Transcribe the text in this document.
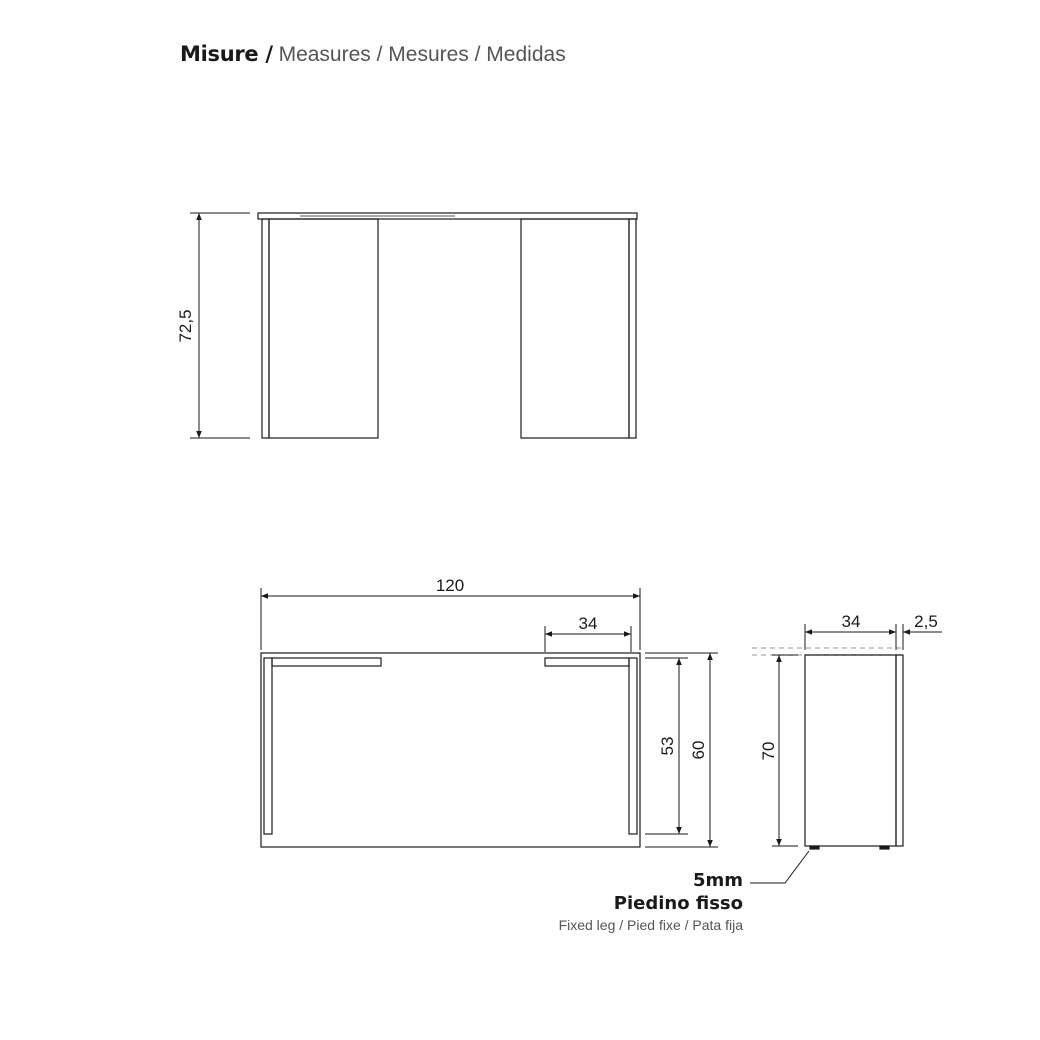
Misure / Measures / Mesures / Medidas
72,5
120
34
53 60
34	2,5
70
5mm
Piedino fisso
Fixed leg / Pied fixe / Pata fija
